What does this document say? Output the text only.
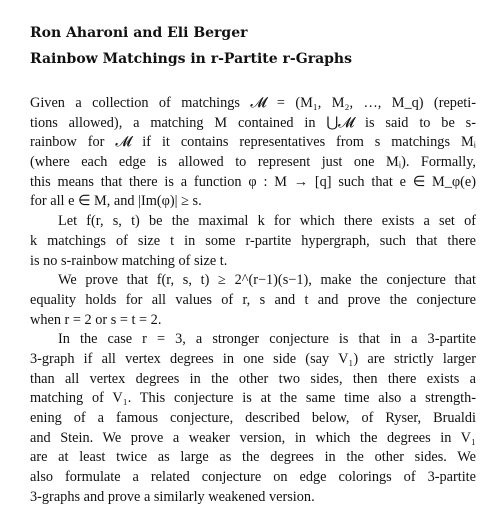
Ron Aharoni and Eli Berger
Rainbow Matchings in r-Partite r-Graphs
Given a collection of matchings 𝓜 = (M₁, M₂, …, M_q) (repeti-
tions allowed), a matching M contained in ⋃𝓜 is said to be s-
rainbow for 𝓜 if it contains representatives from s matchings Mᵢ
(where each edge is allowed to represent just one Mᵢ). Formally,
this means that there is a function φ : M → [q] such that e ∈ M_φ(e)
for all e ∈ M, and |Im(φ)| ≥ s.
Let f(r, s, t) be the maximal k for which there exists a set of
k matchings of size t in some r-partite hypergraph, such that there
is no s-rainbow matching of size t.
We prove that f(r, s, t) ≥ 2^(r−1)(s−1), make the conjecture that
equality holds for all values of r, s and t and prove the conjecture
when r = 2 or s = t = 2.
In the case r = 3, a stronger conjecture is that in a 3-partite
3-graph if all vertex degrees in one side (say V₁) are strictly larger
than all vertex degrees in the other two sides, then there exists a
matching of V₁. This conjecture is at the same time also a strength-
ening of a famous conjecture, described below, of Ryser, Brualdi
and Stein. We prove a weaker version, in which the degrees in V₁
are at least twice as large as the degrees in the other sides. We
also formulate a related conjecture on edge colorings of 3-partite
3-graphs and prove a similarly weakened version.
